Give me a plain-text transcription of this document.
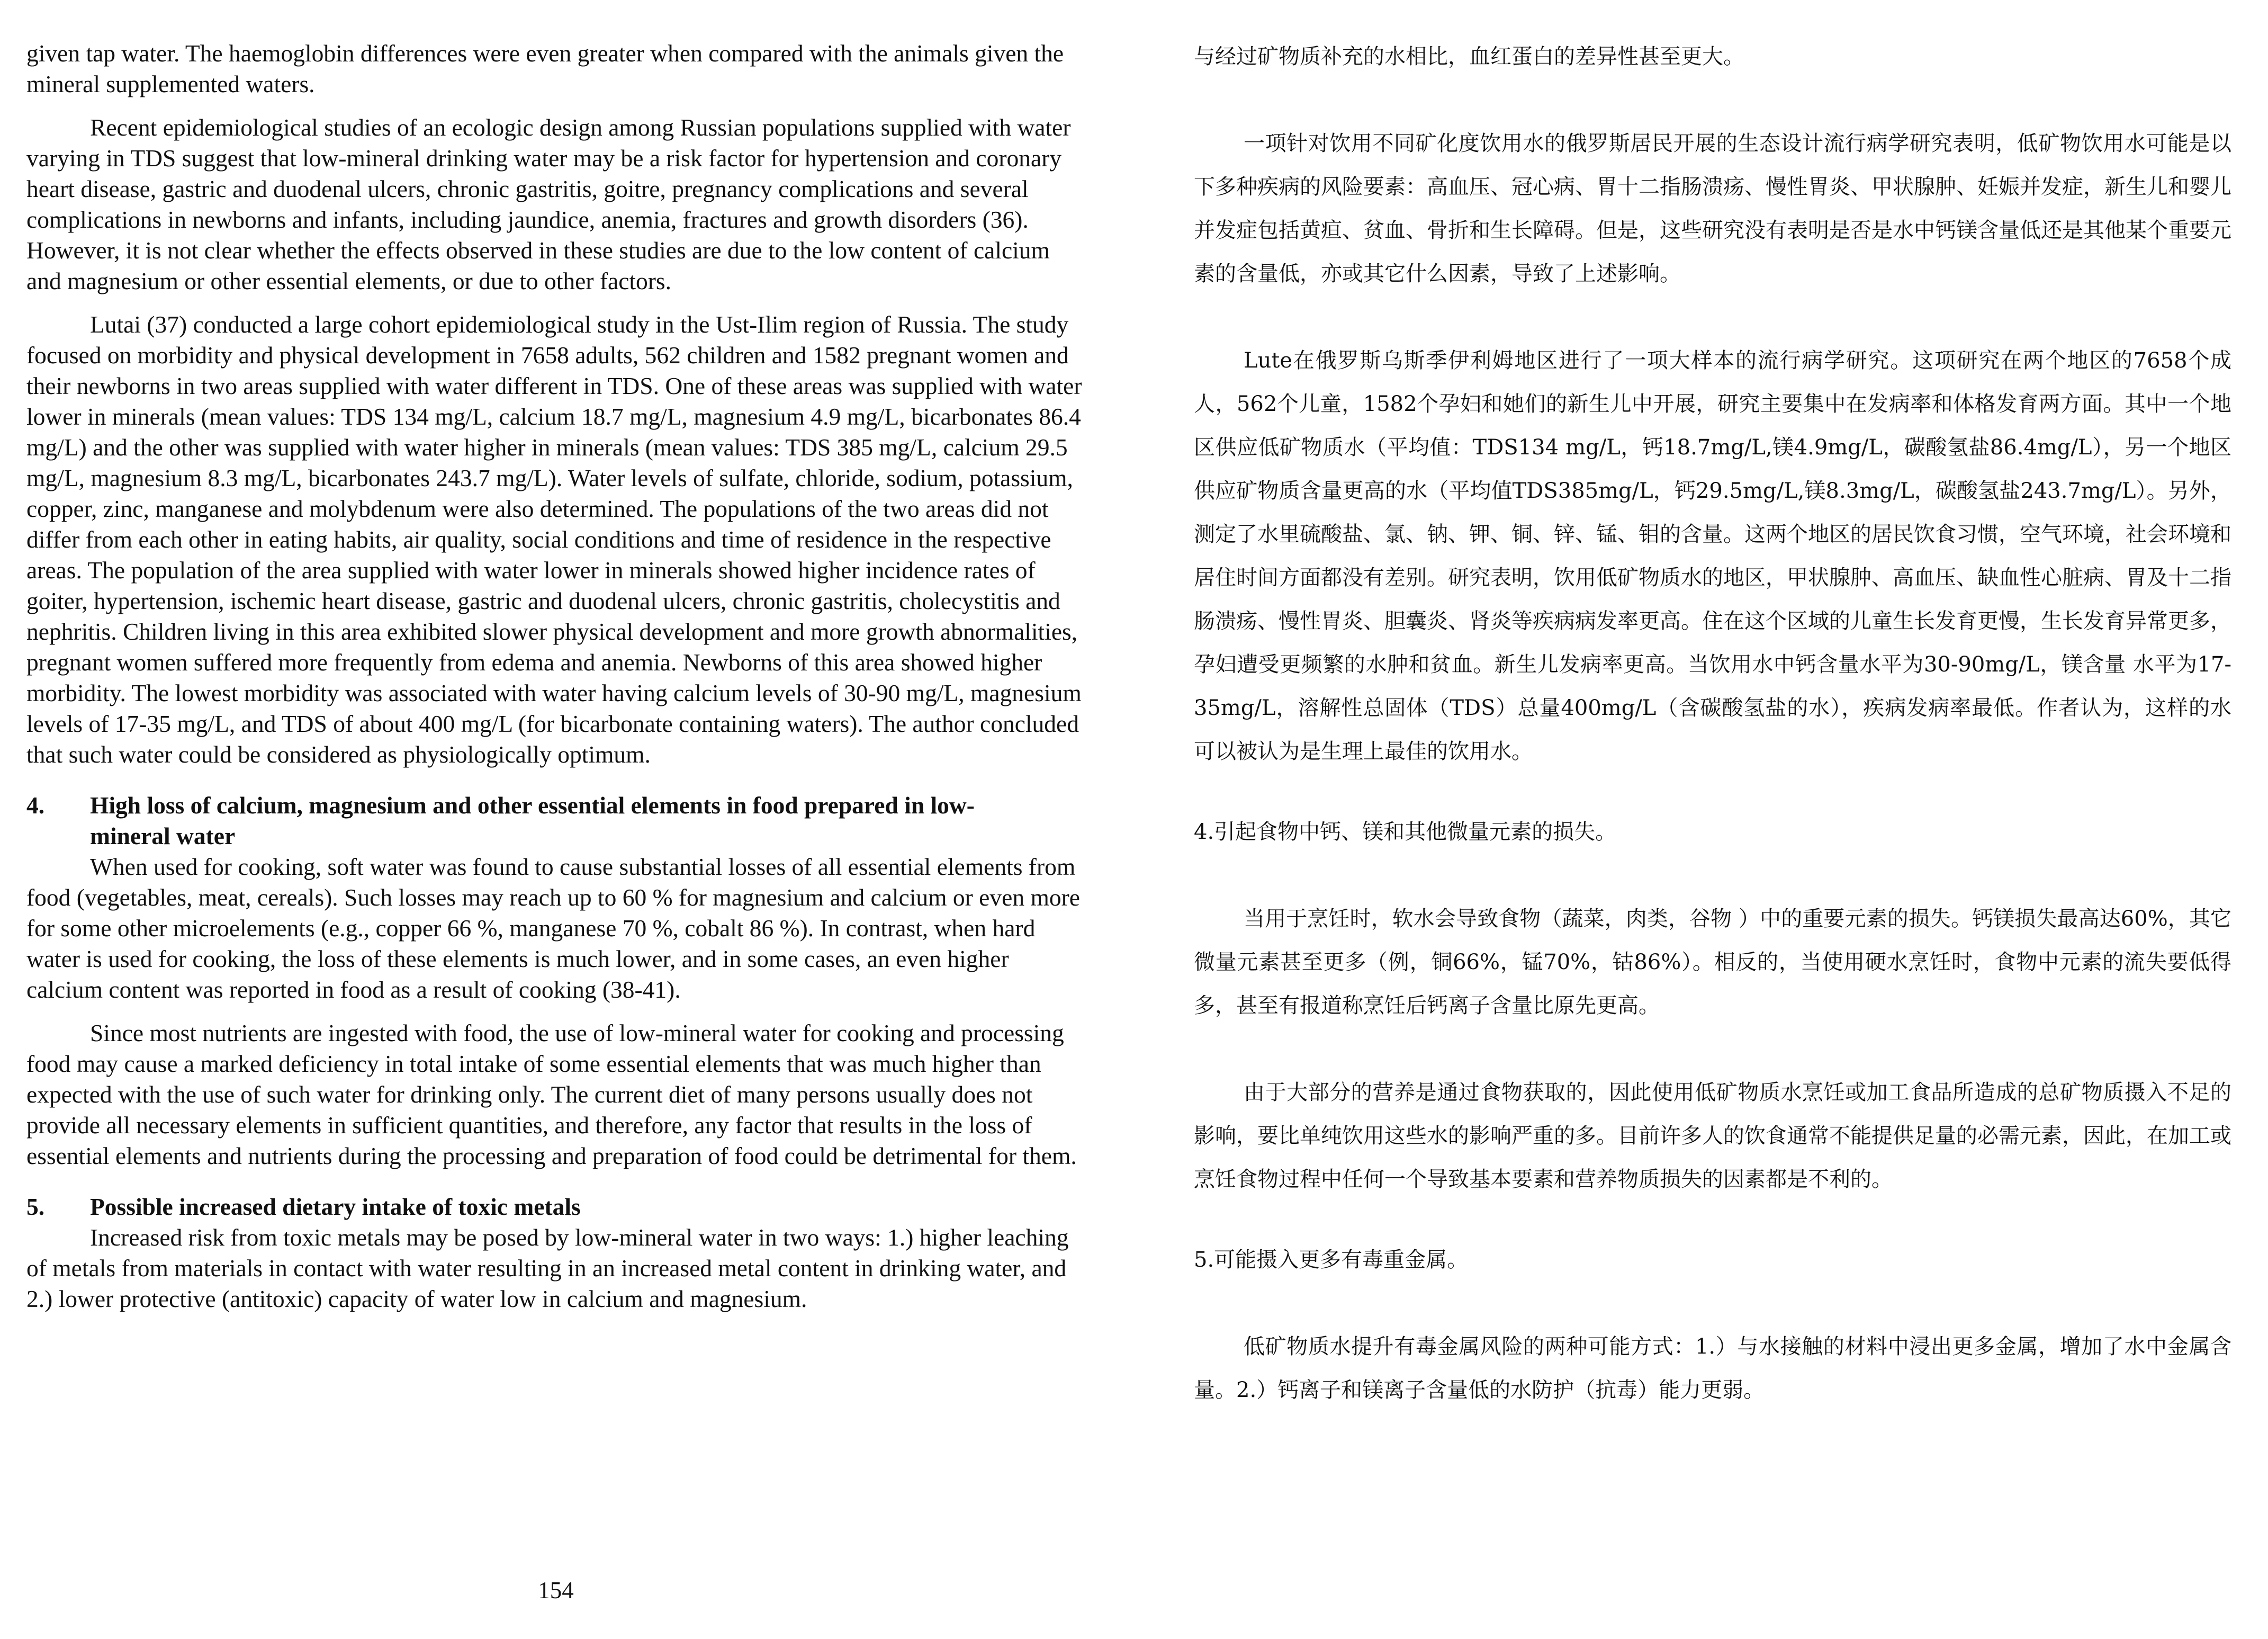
given tap water. The haemoglobin differences were even greater when compared with the animals given the mineral supplemented waters.

Recent epidemiological studies of an ecologic design among Russian populations supplied with water varying in TDS suggest that low-mineral drinking water may be a risk factor for hypertension and coronary heart disease, gastric and duodenal ulcers, chronic gastritis, goitre, pregnancy complications and several complications in newborns and infants, including jaundice, anemia, fractures and growth disorders (36). However, it is not clear whether the effects observed in these studies are due to the low content of calcium and magnesium or other essential elements, or due to other factors.

Lutai (37) conducted a large cohort epidemiological study in the Ust-Ilim region of Russia. The study focused on morbidity and physical development in 7658 adults, 562 children and 1582 pregnant women and their newborns in two areas supplied with water different in TDS. One of these areas was supplied with water lower in minerals (mean values: TDS 134 mg/L, calcium 18.7 mg/L, magnesium 4.9 mg/L, bicarbonates 86.4 mg/L) and the other was supplied with water higher in minerals (mean values: TDS 385 mg/L, calcium 29.5 mg/L, magnesium 8.3 mg/L, bicarbonates 243.7 mg/L). Water levels of sulfate, chloride, sodium, potassium, copper, zinc, manganese and molybdenum were also determined. The populations of the two areas did not differ from each other in eating habits, air quality, social conditions and time of residence in the respective areas. The population of the area supplied with water lower in minerals showed higher incidence rates of goiter, hypertension, ischemic heart disease, gastric and duodenal ulcers, chronic gastritis, cholecystitis and nephritis. Children living in this area exhibited slower physical development and more growth abnormalities, pregnant women suffered more frequently from edema and anemia. Newborns of this area showed higher morbidity. The lowest morbidity was associated with water having calcium levels of 30-90 mg/L, magnesium levels of 17-35 mg/L, and TDS of about 400 mg/L (for bicarbonate containing waters). The author concluded that such water could be considered as physiologically optimum.

4.	High loss of calcium, magnesium and other essential elements in food prepared in low-mineral water

When used for cooking, soft water was found to cause substantial losses of all essential elements from food (vegetables, meat, cereals). Such losses may reach up to 60 % for magnesium and calcium or even more for some other microelements (e.g., copper 66 %, manganese 70 %, cobalt 86 %). In contrast, when hard water is used for cooking, the loss of these elements is much lower, and in some cases, an even higher calcium content was reported in food as a result of cooking (38-41).

Since most nutrients are ingested with food, the use of low-mineral water for cooking and processing food may cause a marked deficiency in total intake of some essential elements that was much higher than expected with the use of such water for drinking only. The current diet of many persons usually does not provide all necessary elements in sufficient quantities, and therefore, any factor that results in the loss of essential elements and nutrients during the processing and preparation of food could be detrimental for them.

5.	Possible increased dietary intake of toxic metals

Increased risk from toxic metals may be posed by low-mineral water in two ways: 1.) higher leaching of metals from materials in contact with water resulting in an increased metal content in drinking water, and 2.) lower protective (antitoxic) capacity of water low in calcium and magnesium.

154

与经过矿物质补充的水相比，血红蛋白的差异性甚至更大。

一项针对饮用不同矿化度饮用水的俄罗斯居民开展的生态设计流行病学研究表明，低矿物饮用水可能是以下多种疾病的风险要素：高血压、冠心病、胃十二指肠溃疡、慢性胃炎、甲状腺肿、妊娠并发症，新生儿和婴儿并发症包括黄疸、贫血、骨折和生长障碍。但是，这些研究没有表明是否是水中钙镁含量低还是其他某个重要元素的含量低，亦或其它什么因素，导致了上述影响。

Lute在俄罗斯乌斯季伊利姆地区进行了一项大样本的流行病学研究。这项研究在两个地区的7658个成人，562个儿童，1582个孕妇和她们的新生儿中开展，研究主要集中在发病率和体格发育两方面。其中一个地区供应低矿物质水（平均值：TDS134 mg/L，钙18.7mg/L,镁4.9mg/L，碳酸氢盐86.4mg/L），另一个地区供应矿物质含量更高的水（平均值TDS385mg/L，钙29.5mg/L,镁8.3mg/L，碳酸氢盐243.7mg/L）。另外，测定了水里硫酸盐、氯、钠、钾、铜、锌、锰、钼的含量。这两个地区的居民饮食习惯，空气环境，社会环境和居住时间方面都没有差别。研究表明，饮用低矿物质水的地区，甲状腺肿、高血压、缺血性心脏病、胃及十二指肠溃疡、慢性胃炎、胆囊炎、肾炎等疾病病发率更高。住在这个区域的儿童生长发育更慢，生长发育异常更多，孕妇遭受更频繁的水肿和贫血。新生儿发病率更高。当饮用水中钙含量水平为30-90mg/L，镁含量 水平为17-35mg/L，溶解性总固体（TDS）总量400mg/L（含碳酸氢盐的水），疾病发病率最低。作者认为，这样的水可以被认为是生理上最佳的饮用水。

4.引起食物中钙、镁和其他微量元素的损失。

当用于烹饪时，软水会导致食物（蔬菜，肉类，谷物 ）中的重要元素的损失。钙镁损失最高达60%，其它微量元素甚至更多（例，铜66%，锰70%，钴86%）。相反的，当使用硬水烹饪时，食物中元素的流失要低得多，甚至有报道称烹饪后钙离子含量比原先更高。

由于大部分的营养是通过食物获取的，因此使用低矿物质水烹饪或加工食品所造成的总矿物质摄入不足的影响，要比单纯饮用这些水的影响严重的多。目前许多人的饮食通常不能提供足量的必需元素，因此，在加工或烹饪食物过程中任何一个导致基本要素和营养物质损失的因素都是不利的。

5.可能摄入更多有毒重金属。

低矿物质水提升有毒金属风险的两种可能方式：1.）与水接触的材料中浸出更多金属，增加了水中金属含量。2.）钙离子和镁离子含量低的水防护（抗毒）能力更弱。
